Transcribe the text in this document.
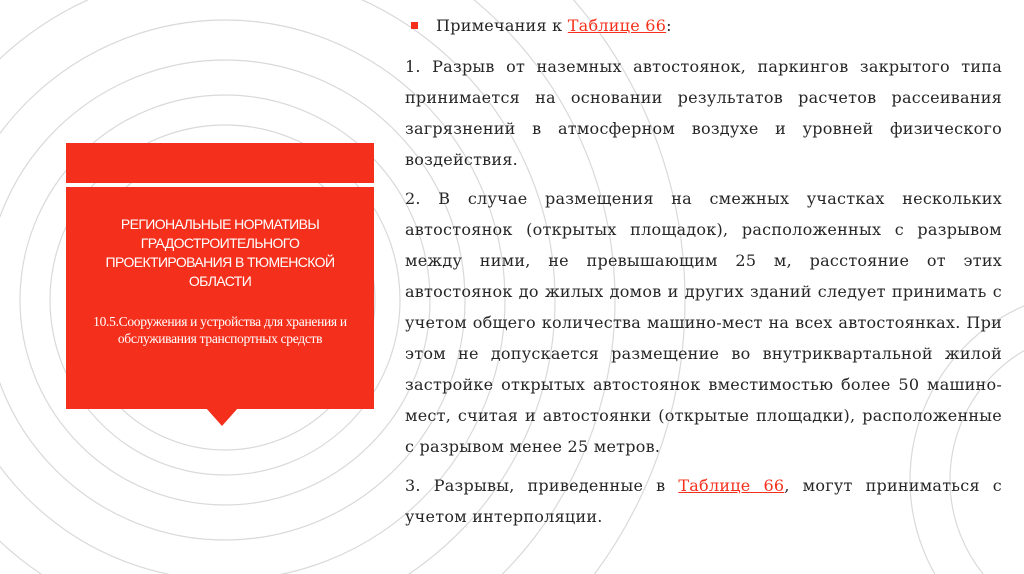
РЕГИОНАЛЬНЫЕ НОРМАТИВЫ ГРАДОСТРОИТЕЛЬНОГО ПРОЕКТИРОВАНИЯ В ТЮМЕНСКОЙ ОБЛАСТИ

10.5.Сооружения и устройства для хранения и обслуживания транспортных средств

Примечания к
Таблице 66 :

1. Разрыв от наземных автостоянок, паркингов закрытого типа принимается на основании результатов расчетов рассеивания загрязнений в атмосферном воздухе и уровней физического воздействия.

2. В случае размещения на смежных участках нескольких автостоянок (открытых площадок), расположенных с разрывом между ними, не превышающим 25 м, расстояние от этих автостоянок до жилых домов и других зданий следует принимать с учетом общего количества машино-мест на всех автостоянках. При этом не допускается размещение во внутриквартальной жилой застройке открытых автостоянок вместимостью более 50 машино-мест, считая и автостоянки (открытые площадки), расположенные с разрывом менее 25 метров.

3. Разрывы, приведенные в Таблице 66, могут приниматься с учетом интерполяции.
